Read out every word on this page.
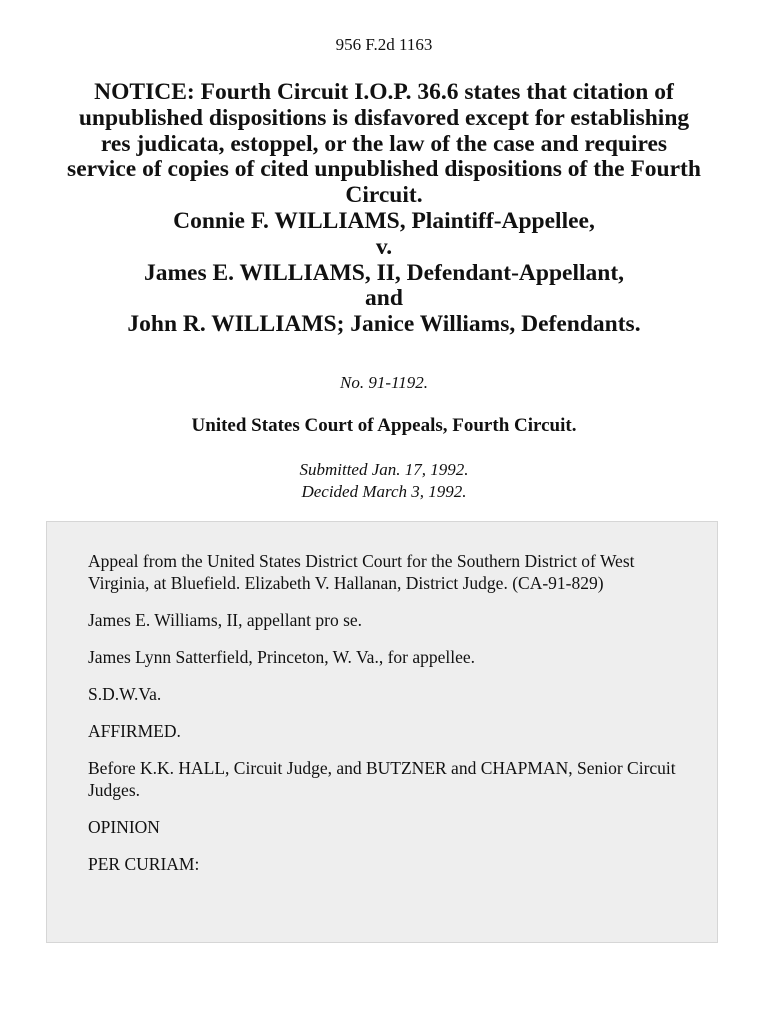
956 F.2d 1163
NOTICE: Fourth Circuit I.O.P. 36.6 states that citation of
unpublished dispositions is disfavored except for establishing
res judicata, estoppel, or the law of the case and requires
service of copies of cited unpublished dispositions of the Fourth
Circuit.
Connie F. WILLIAMS, Plaintiff-Appellee,
v.
James E. WILLIAMS, II, Defendant-Appellant,
and
John R. WILLIAMS; Janice Williams, Defendants.
No. 91-1192.
United States Court of Appeals, Fourth Circuit.
Submitted Jan. 17, 1992.
Decided March 3, 1992.

Appeal from the United States District Court for the Southern District of West Virginia, at Bluefield. Elizabeth V. Hallanan, District Judge. (CA-91-829)

James E. Williams, II, appellant pro se.

James Lynn Satterfield, Princeton, W. Va., for appellee.

S.D.W.Va.

AFFIRMED.

Before K.K. HALL, Circuit Judge, and BUTZNER and CHAPMAN, Senior Circuit Judges.

OPINION

PER CURIAM:
